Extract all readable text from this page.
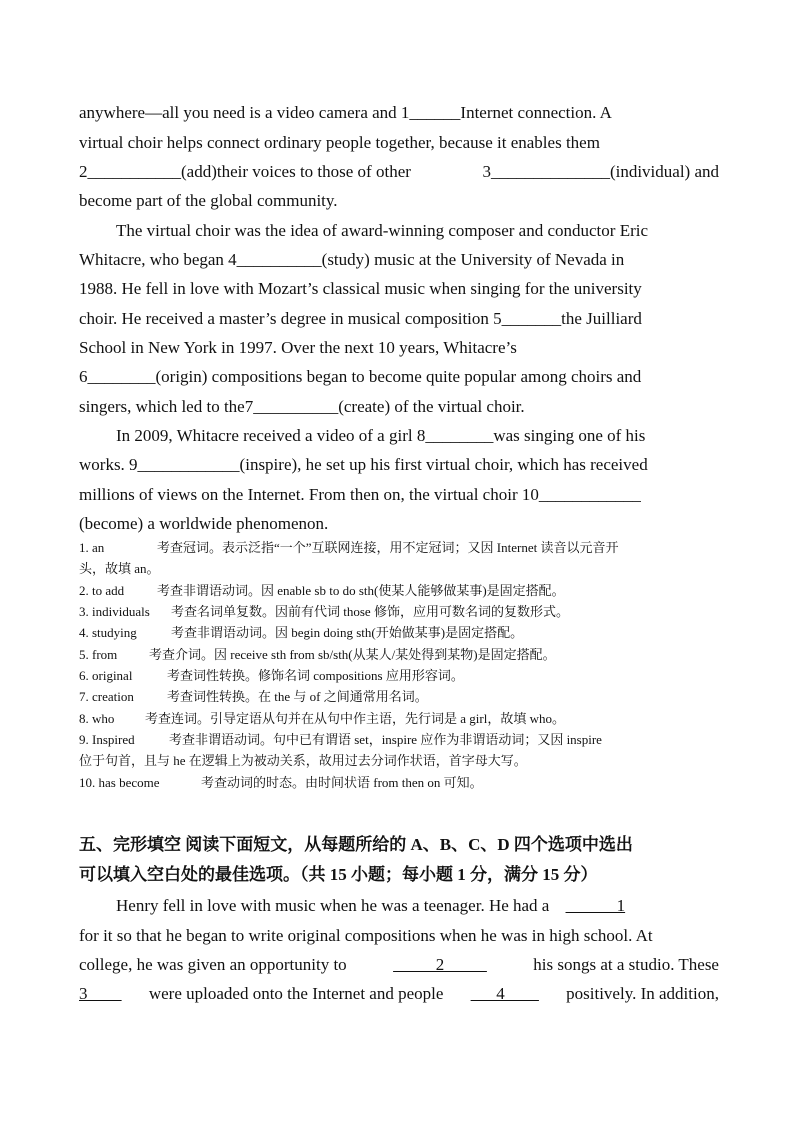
anywhere—all you need is a video camera and 1______Internet connection. A
virtual choir helps connect ordinary people together, because it enables them
2___________(add)their voices to those of other	3______________(individual) and
become part of the global community.
The virtual choir was the idea of award-winning composer and conductor Eric
Whitacre, who began 4__________(study) music at the University of Nevada in
1988. He fell in love with Mozart’s classical music when singing for the university
choir. He received a master’s degree in musical composition 5_______the Juilliard
School in New York in 1997. Over the next 10 years, Whitacre’s
6________(origin) compositions began to become quite popular among choirs and
singers, which led to the7__________(create) of the virtual choir.
In 2009, Whitacre received a video of a girl 8________was singing one of his
works. 9____________(inspire), he set up his first virtual choir, which has received
millions of views on the Internet. From then on, the virtual choir 10____________
(become) a worldwide phenomenon.
1. an	考查冠词。表示泛指“一个”互联网连接，用不定冠词；又因 Internet 读音以元音开
头，故填 an。
2. to add	考查非谓语动词。因 enable sb to do sth(使某人能够做某事)是固定搭配。
3. individuals 考查名词单复数。因前有代词 those 修饰，应用可数名词的复数形式。
4. studying	考查非谓语动词。因 begin doing sth(开始做某事)是固定搭配。
5. from 考查介词。因 receive sth from sb/sth(从某人/某处得到某物)是固定搭配。
6. original	考查词性转换。修饰名词 compositions 应用形容词。
7. creation	考查词性转换。在 the 与 of 之间通常用名词。
8. who 考查连词。引导定语从句并在从句中作主语，先行词是 a girl，故填 who。
9. Inspired	考查非谓语动词。句中已有谓语 set，inspire 应作为非谓语动词；又因 inspire
位于句首，且与 he 在逻辑上为被动关系，故用过去分词作状语，首字母大写。
10. has become	考查动词的时态。由时间状语 from then on 可知。
五、完形填空 阅读下面短文，从每题所给的 A、B、C、D 四个选项中选出
可以填入空白处的最佳选项。（共 15 小题；每小题 1 分，满分 15 分）
Henry fell in love with music when he was a teenager. He had a ______1
for it so that he began to write original compositions when he was in high school. At
college, he was given an opportunity to	_____2_____	his songs at a studio. These
3____ were uploaded onto the Internet and people ___4____ positively. In addition,
